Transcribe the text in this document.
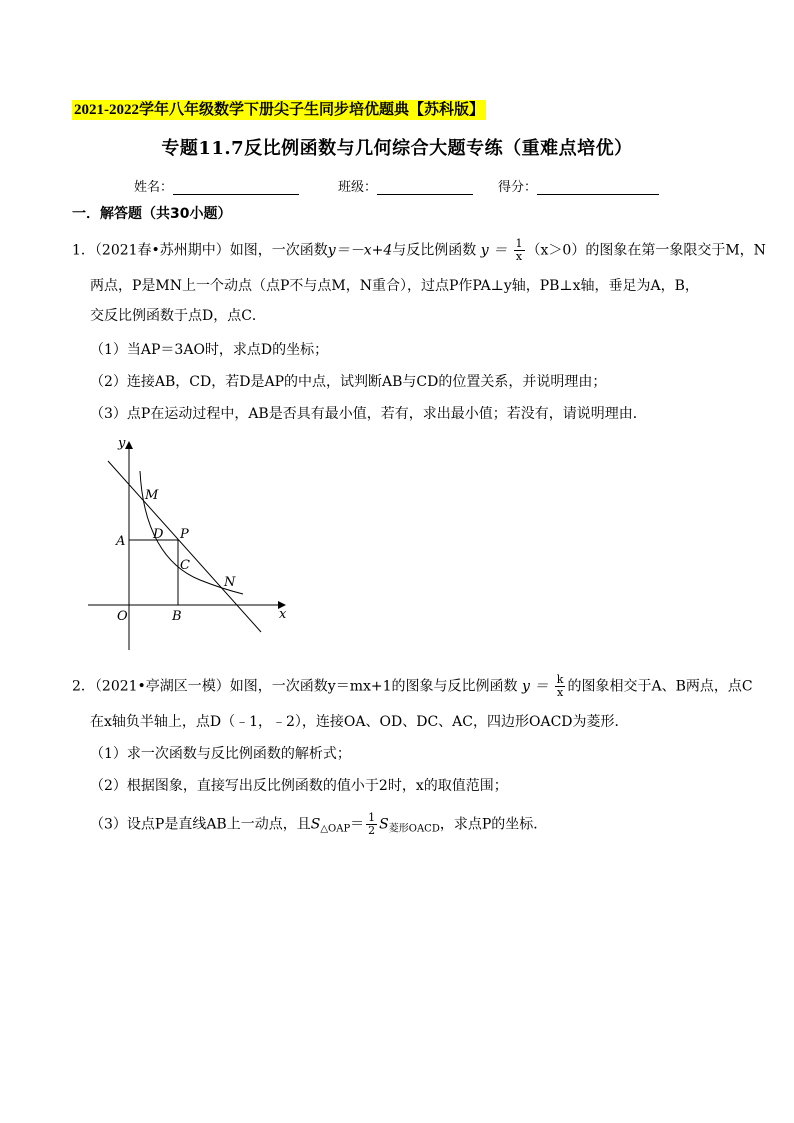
2021-2022学年八年级数学下册尖子生同步培优题典【苏科版】
专题11.7反比例函数与几何综合大题专练（重难点培优）
姓名：	班级：	得分：
一．解答题（共30小题）
1．（2021春•苏州期中）如图，一次函数y＝－x+4与反比例函数 $y = \frac{1}{x} (x>0)$的图象在第一象限交于M，N
两点，P是MN上一个动点（点P不与点M，N重合），过点P作PA⊥y轴，PB⊥x轴，垂足为A，B，
交反比例函数于点D，点C．
（1）当AP＝3AO时，求点D的坐标；
（2）连接AB，CD，若D是AP的中点，试判断AB与CD的位置关系，并说明理由；
（3）点P在运动过程中，AB是否具有最小值，若有，求出最小值；若没有，请说明理由．
y
x
O
A
B
M
N
P
D
C
2．（2021•亭湖区一模）如图，一次函数y＝mx+1的图象与反比例函数 $y = \frac{k}{x}$ 的图象相交于A、B两点，点C
在x轴负半轴上，点D（﹣1，﹣2），连接OA、OD、DC、AC，四边形OACD为菱形．
（1）求一次函数与反比例函数的解析式；
（2）根据图象，直接写出反比例函数的值小于2时，x的取值范围；
（3）设点P是直线AB上一动点，且$S_{\triangle OAP}= \frac{1}{2} S_{菱形OACD}$，求点P的坐标．
